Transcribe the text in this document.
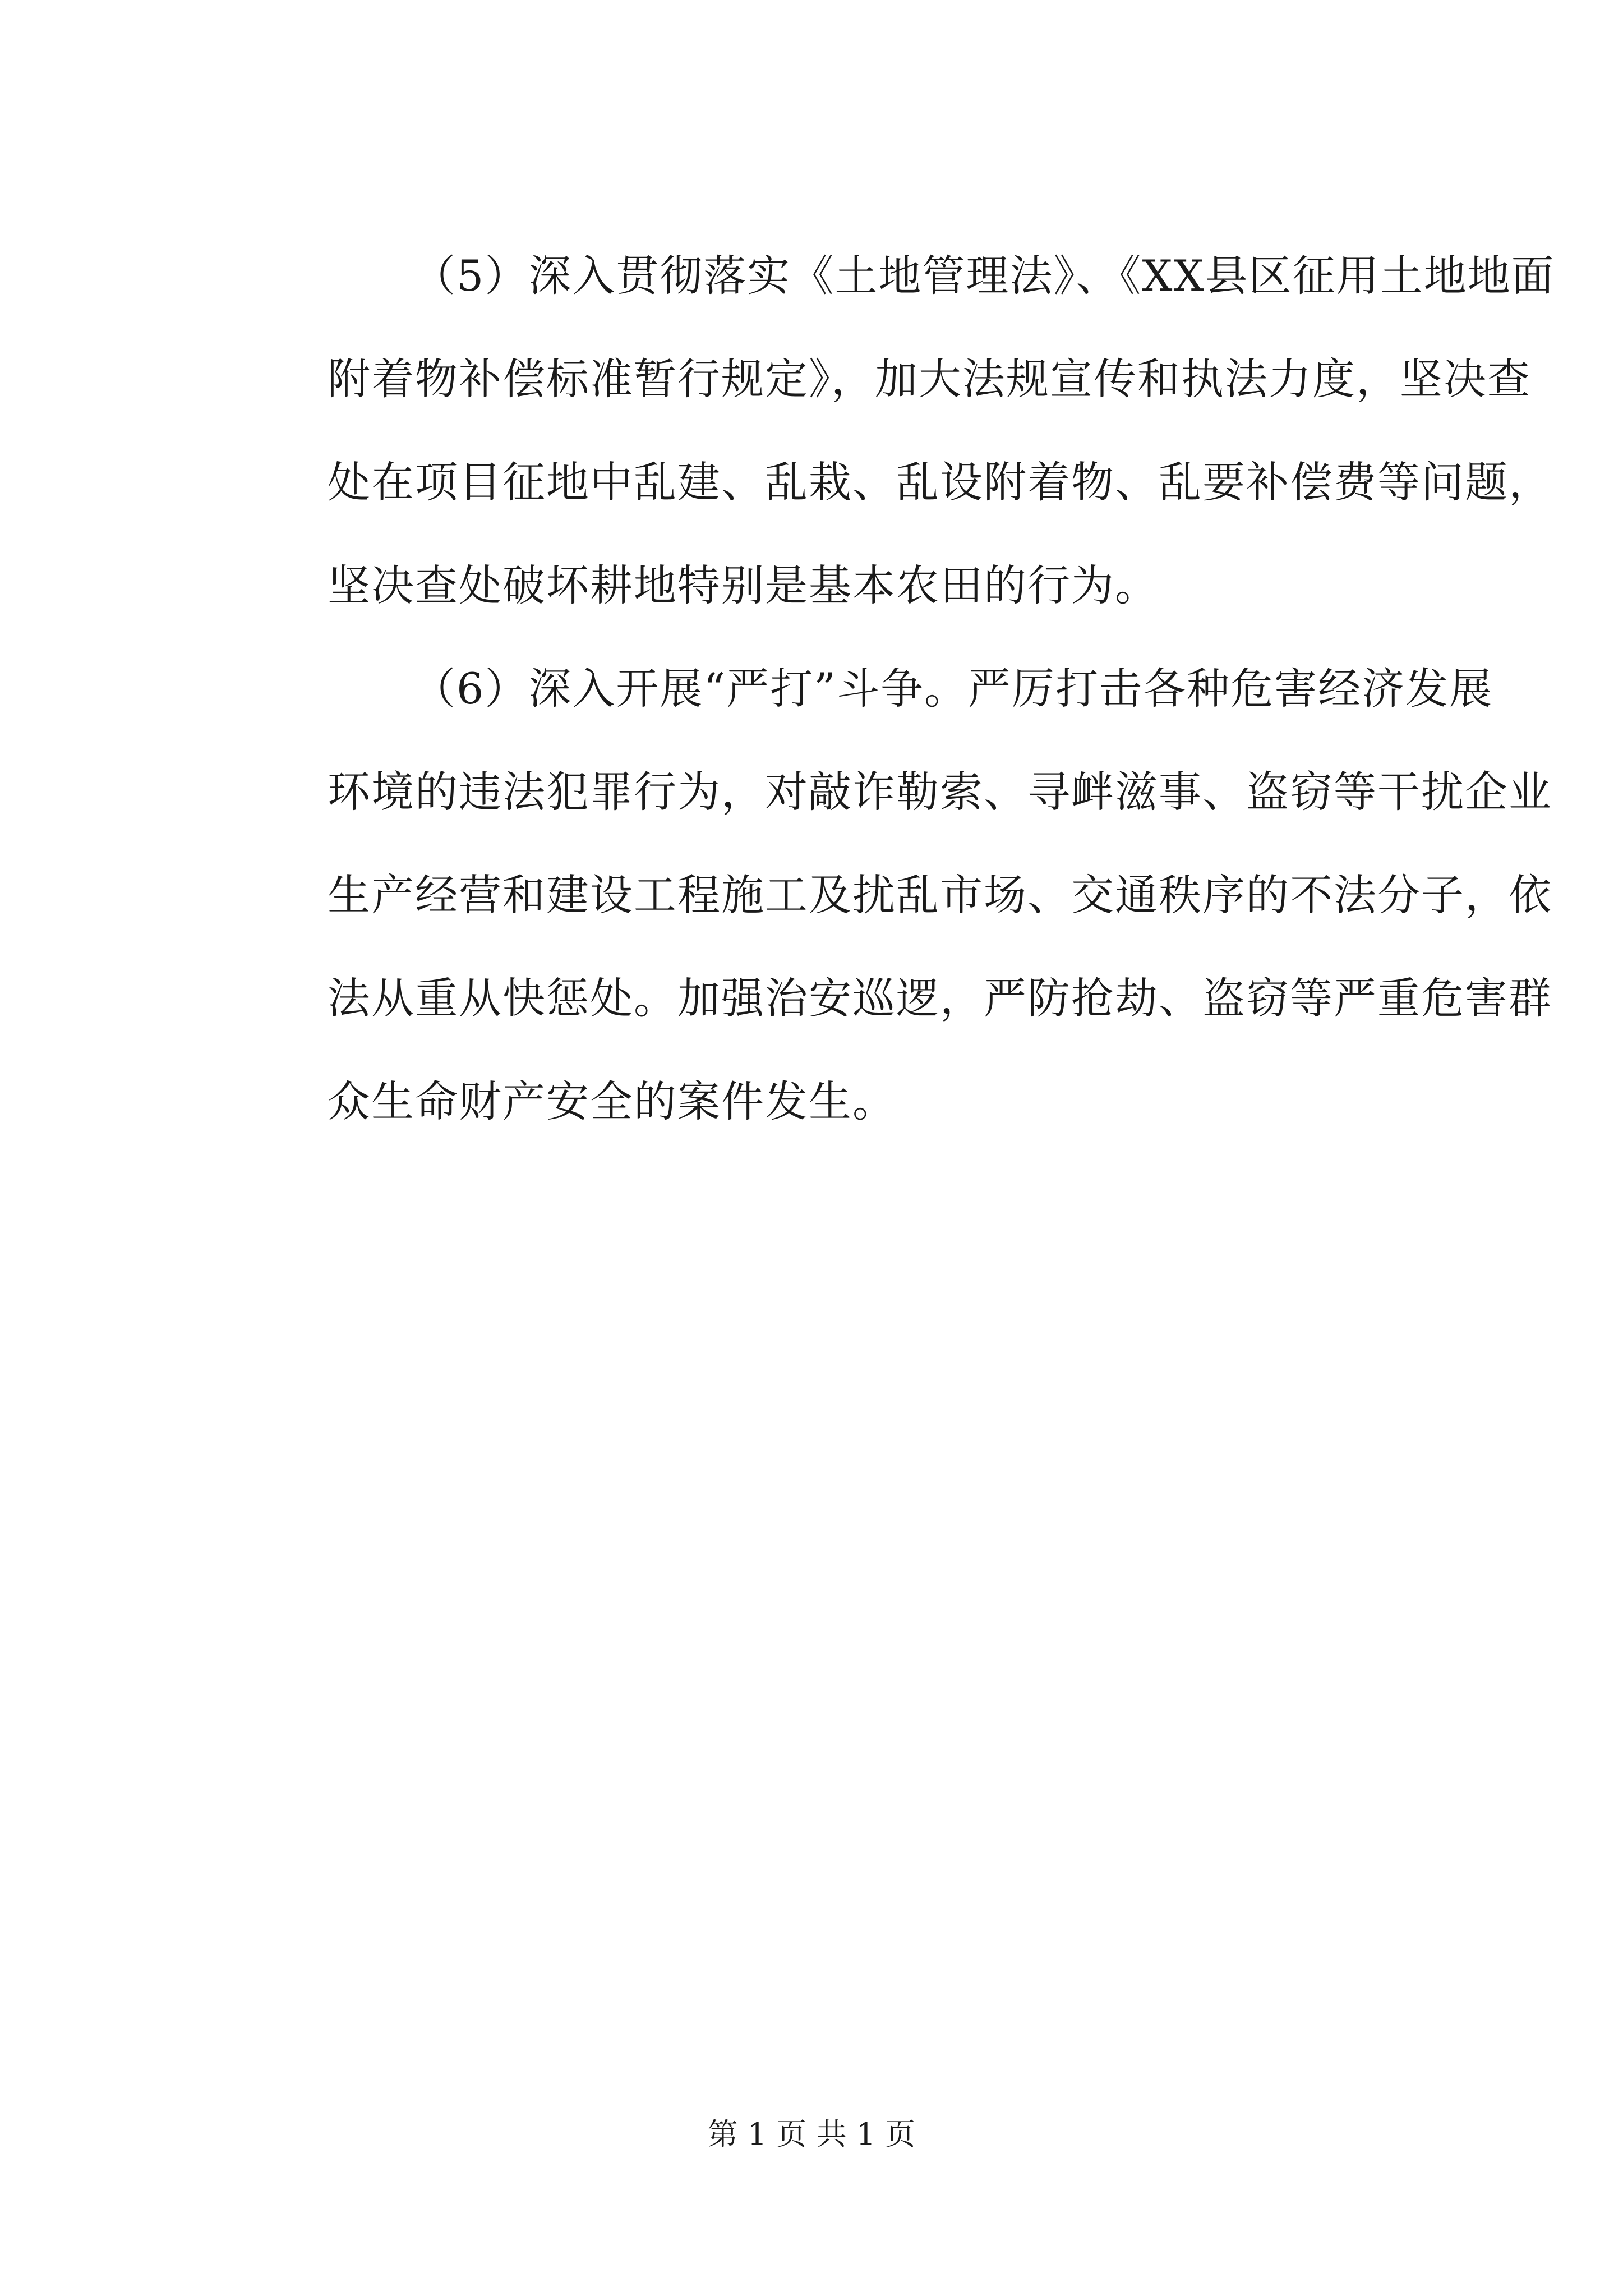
（5）深入贯彻落实《土地管理法》、《XX县区征用土地地面
附着物补偿标准暂行规定》，加大法规宣传和执法力度，坚决查
处在项目征地中乱建、乱栽、乱设附着物、乱要补偿费等问题，
坚决查处破坏耕地特别是基本农田的行为。
（6）深入开展“严打”斗争。严厉打击各种危害经济发展
环境的违法犯罪行为，对敲诈勒索、寻衅滋事、盗窃等干扰企业
生产经营和建设工程施工及扰乱市场、交通秩序的不法分子，依
法从重从快惩处。加强治安巡逻，严防抢劫、盗窃等严重危害群
众生命财产安全的案件发生。
第 1 页 共 1 页
